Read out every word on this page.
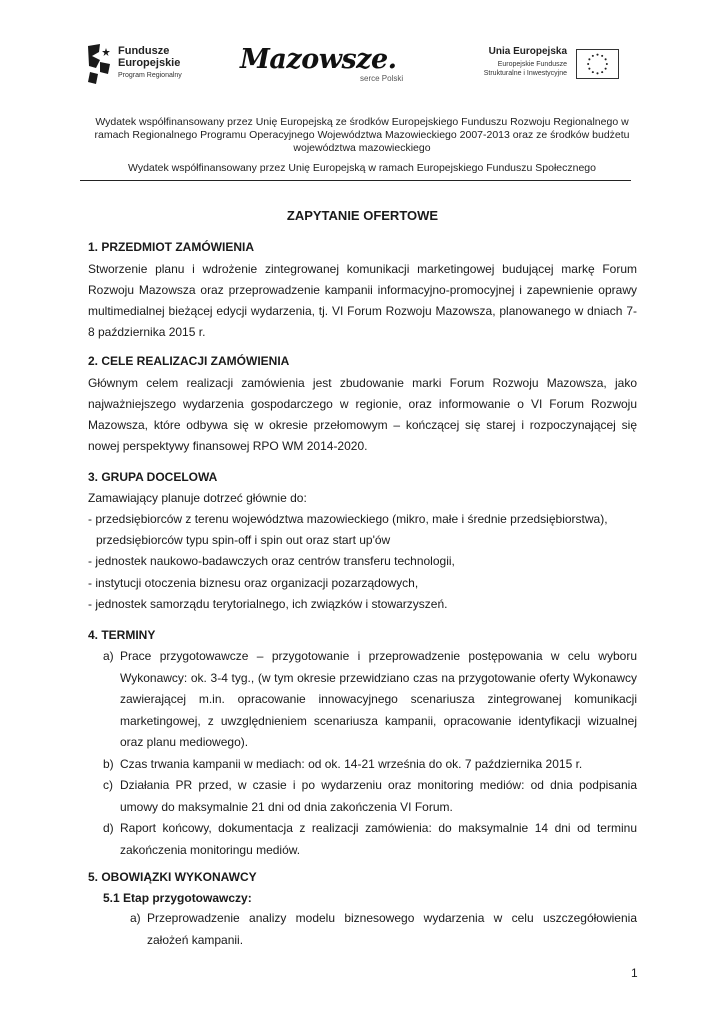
Fundusze
Europejskie
Program Regionalny
Mazowsze.
serce Polski
Unia Europejska
Europejskie Fundusze
Strukturalne i Inwestycyjne
Wydatek współfinansowany przez Unię Europejską ze środków Europejskiego Funduszu Rozwoju Regionalnego w ramach Regionalnego Programu Operacyjnego Województwa Mazowieckiego 2007-2013 oraz ze środków budżetu województwa mazowieckiego
Wydatek współfinansowany przez Unię Europejską w ramach Europejskiego Funduszu Społecznego
ZAPYTANIE OFERTOWE
1. PRZEDMIOT ZAMÓWIENIA
Stworzenie planu i wdrożenie zintegrowanej komunikacji marketingowej budującej markę Forum Rozwoju Mazowsza oraz przeprowadzenie kampanii informacyjno-promocyjnej i zapewnienie oprawy multimedialnej bieżącej edycji wydarzenia, tj. VI Forum Rozwoju Mazowsza, planowanego w dniach 7-8 października 2015 r.
2. CELE REALIZACJI ZAMÓWIENIA
Głównym celem realizacji zamówienia jest zbudowanie marki Forum Rozwoju Mazowsza, jako najważniejszego wydarzenia gospodarczego w regionie, oraz informowanie o VI Forum Rozwoju Mazowsza, które odbywa się w okresie przełomowym – kończącej się starej i rozpoczynającej się nowej perspektywy finansowej RPO WM 2014-2020.
3. GRUPA DOCELOWA
Zamawiający planuje dotrzeć głównie do:
- przedsiębiorców z terenu województwa mazowieckiego (mikro, małe i średnie przedsiębiorstwa),
przedsiębiorców typu spin-off i spin out oraz start up'ów
- jednostek naukowo-badawczych oraz centrów transferu technologii,
- instytucji otoczenia biznesu oraz organizacji pozarządowych,
- jednostek samorządu terytorialnego, ich związków i stowarzyszeń.
4. TERMINY
a) Prace przygotowawcze – przygotowanie i przeprowadzenie postępowania w celu wyboru Wykonawcy: ok. 3-4 tyg., (w tym okresie przewidziano czas na przygotowanie oferty Wykonawcy zawierającej m.in. opracowanie innowacyjnego scenariusza zintegrowanej komunikacji marketingowej, z uwzględnieniem scenariusza kampanii, opracowanie identyfikacji wizualnej oraz planu mediowego).
b) Czas trwania kampanii w mediach: od ok. 14-21 września do ok. 7 października 2015 r.
c) Działania PR przed, w czasie i po wydarzeniu oraz monitoring mediów: od dnia podpisania umowy do maksymalnie 21 dni od dnia zakończenia VI Forum.
d) Raport końcowy, dokumentacja z realizacji zamówienia: do maksymalnie 14 dni od terminu zakończenia monitoringu mediów.
5. OBOWIĄZKI WYKONAWCY
5.1 Etap przygotowawczy:
a) Przeprowadzenie analizy modelu biznesowego wydarzenia w celu uszczegółowienia założeń kampanii.
1
